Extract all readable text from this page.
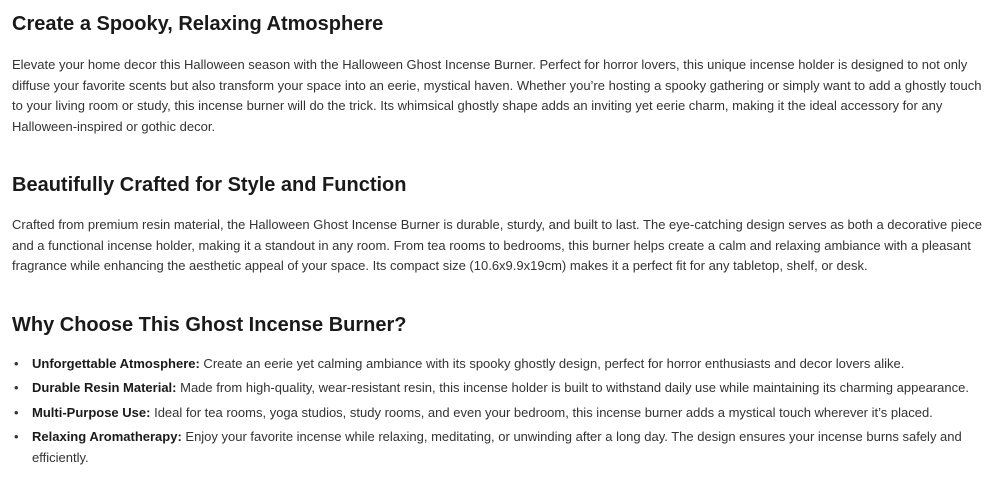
Create a Spooky, Relaxing Atmosphere

Elevate your home decor this Halloween season with the Halloween Ghost Incense Burner. Perfect for horror lovers, this unique incense holder is designed to not only diffuse your favorite scents but also transform your space into an eerie, mystical haven. Whether you’re hosting a spooky gathering or simply want to add a ghostly touch to your living room or study, this incense burner will do the trick. Its whimsical ghostly shape adds an inviting yet eerie charm, making it the ideal accessory for any Halloween-inspired or gothic decor.

Beautifully Crafted for Style and Function

Crafted from premium resin material, the Halloween Ghost Incense Burner is durable, sturdy, and built to last. The eye-catching design serves as both a decorative piece and a functional incense holder, making it a standout in any room. From tea rooms to bedrooms, this burner helps create a calm and relaxing ambiance with a pleasant fragrance while enhancing the aesthetic appeal of your space. Its compact size (10.6x9.9x19cm) makes it a perfect fit for any tabletop, shelf, or desk.

Why Choose This Ghost Incense Burner?
• Unforgettable Atmosphere: Create an eerie yet calming ambiance with its spooky ghostly design, perfect for horror enthusiasts and decor lovers alike.
• Durable Resin Material: Made from high-quality, wear-resistant resin, this incense holder is built to withstand daily use while maintaining its charming appearance.
• Multi-Purpose Use: Ideal for tea rooms, yoga studios, study rooms, and even your bedroom, this incense burner adds a mystical touch wherever it’s placed.
• Relaxing Aromatherapy: Enjoy your favorite incense while relaxing, meditating, or unwinding after a long day. The design ensures your incense burns safely and efficiently.
